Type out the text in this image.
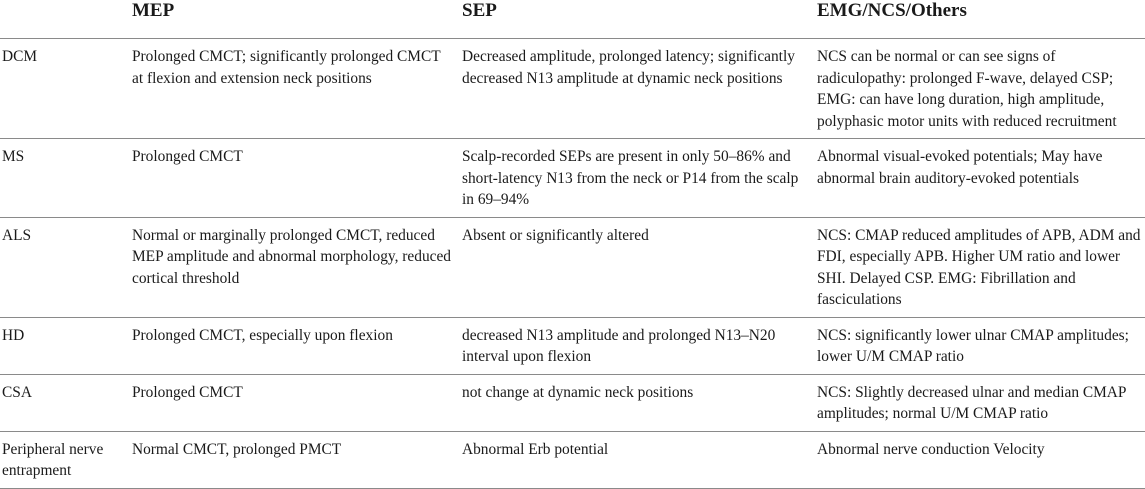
	MEP	SEP	EMG/NCS/Others
DCM	Prolonged CMCT; significantly prolonged CMCT at flexion and extension neck positions	Decreased amplitude, prolonged latency; significantly decreased N13 amplitude at dynamic neck positions	NCS can be normal or can see signs of radiculopathy: prolonged F-wave, delayed CSP; EMG: can have long duration, high amplitude, polyphasic motor units with reduced recruitment
MS	Prolonged CMCT	Scalp-recorded SEPs are present in only 50–86% and short-latency N13 from the neck or P14 from the scalp in 69–94%	Abnormal visual-evoked potentials; May have abnormal brain auditory-evoked potentials
ALS	Normal or marginally prolonged CMCT, reduced MEP amplitude and abnormal morphology, reduced cortical threshold	Absent or significantly altered	NCS: CMAP reduced amplitudes of APB, ADM and FDI, especially APB. Higher UM ratio and lower SHI. Delayed CSP. EMG: Fibrillation and fasciculations
HD	Prolonged CMCT, especially upon flexion	decreased N13 amplitude and prolonged N13–N20 interval upon flexion	NCS: significantly lower ulnar CMAP amplitudes; lower U/M CMAP ratio
CSA	Prolonged CMCT	not change at dynamic neck positions	NCS: Slightly decreased ulnar and median CMAP amplitudes; normal U/M CMAP ratio
Peripheral nerve entrapment	Normal CMCT, prolonged PMCT	Abnormal Erb potential	Abnormal nerve conduction Velocity
